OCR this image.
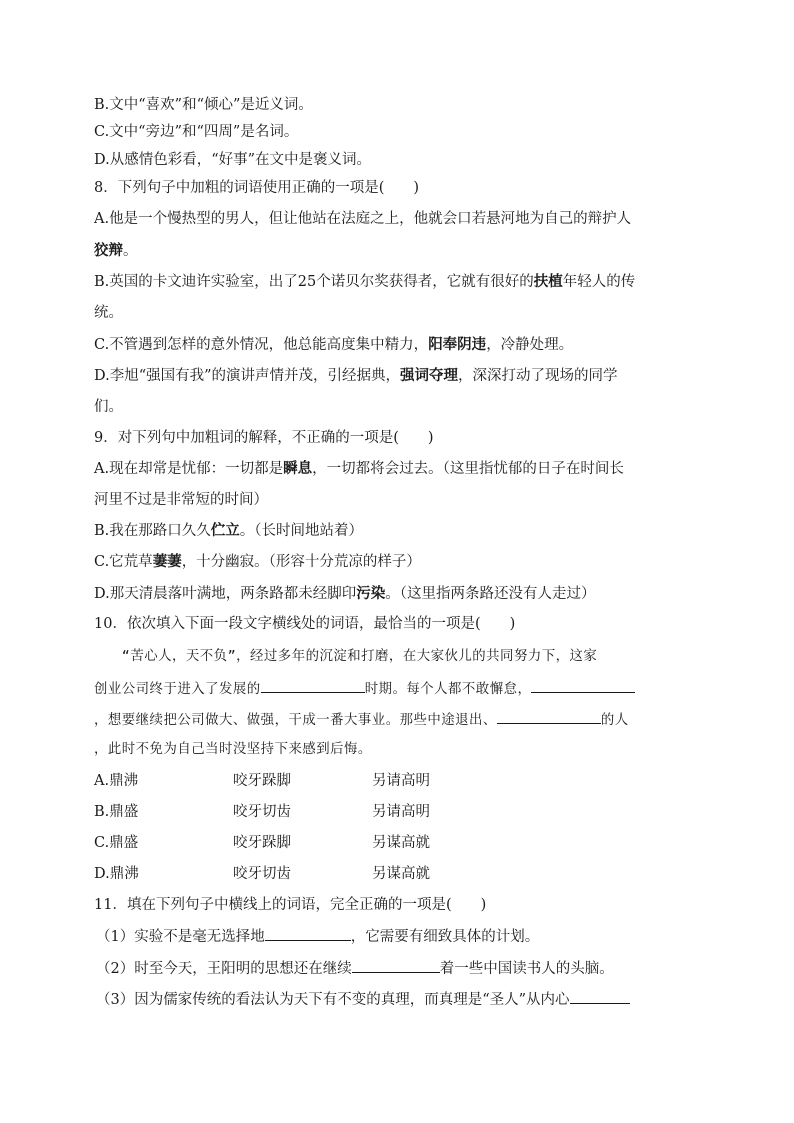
B.文中“喜欢”和“倾心”是近义词。
C.文中“旁边”和“四周”是名词。
D.从感情色彩看，“好事”在文中是褒义词。
8．下列句子中加粗的词语使用正确的一项是(　　)
A.他是一个慢热型的男人，但让他站在法庭之上，他就会口若悬河地为自己的辩护人
狡辩。
B.英国的卡文迪许实验室，出了25个诺贝尔奖获得者，它就有很好的扶植年轻人的传
统。
C.不管遇到怎样的意外情况，他总能高度集中精力，阳奉阴违，冷静处理。
D.李旭“强国有我”的演讲声情并茂，引经据典，强词夺理，深深打动了现场的同学
们。
9．对下列句中加粗词的解释，不正确的一项是(　　)
A.现在却常是忧郁：一切都是瞬息，一切都将会过去。（这里指忧郁的日子在时间长
河里不过是非常短的时间）
B.我在那路口久久伫立。（长时间地站着）
C.它荒草萋萋，十分幽寂。（形容十分荒凉的样子）
D.那天清晨落叶满地，两条路都未经脚印污染。（这里指两条路还没有人走过）
10．依次填入下面一段文字横线处的词语，最恰当的一项是(　　)
　　“苦心人，天不负”，经过多年的沉淀和打磨，在大家伙儿的共同努力下，这家
创业公司终于进入了发展的	时期。每个人都不敢懈怠，
，想要继续把公司做大、做强，干成一番大事业。那些中途退出、	的人
，此时不免为自己当时没坚持下来感到后悔。
A.鼎沸	咬牙跺脚	另请高明
B.鼎盛	咬牙切齿	另请高明
C.鼎盛	咬牙跺脚	另谋高就
D.鼎沸	咬牙切齿	另谋高就
11．填在下列句子中横线上的词语，完全正确的一项是(　　)
（1）实验不是毫无选择地	，它需要有细致具体的计划。
（2）时至今天，王阳明的思想还在继续	着一些中国读书人的头脑。
（3）因为儒家传统的看法认为天下有不变的真理，而真理是“圣人”从内心
